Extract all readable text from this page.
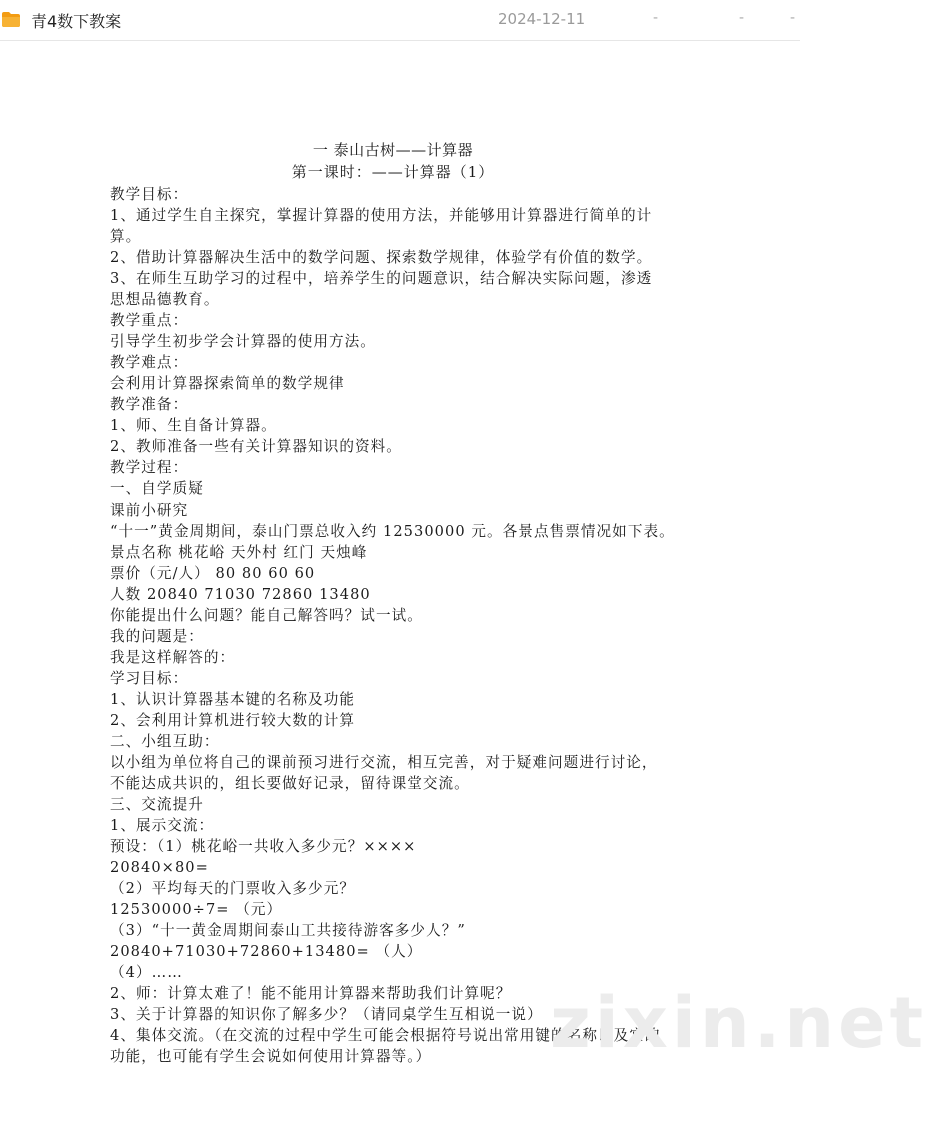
青4数下教案	2024-12-11	-	-	-
一 泰山古树——计算器
第一课时：——计算器（1）
教学目标：
1、通过学生自主探究，掌握计算器的使用方法，并能够用计算器进行简单的计
算。
2、借助计算器解决生活中的数学问题、探索数学规律，体验学有价值的数学。
3、在师生互助学习的过程中，培养学生的问题意识，结合解决实际问题，渗透
思想品德教育。
教学重点：
引导学生初步学会计算器的使用方法。
教学难点：
会利用计算器探索简单的数学规律
教学准备：
1、师、生自备计算器。
2、教师准备一些有关计算器知识的资料。
教学过程：
一、自学质疑
课前小研究
“十一”黄金周期间，泰山门票总收入约 12530000 元。各景点售票情况如下表。
景点名称 桃花峪 天外村 红门 天烛峰
票价（元/人） 80 80 60 60
人数 20840 71030 72860 13480
你能提出什么问题？能自己解答吗？试一试。
我的问题是：
我是这样解答的：
学习目标：
1、认识计算器基本键的名称及功能
2、会利用计算机进行较大数的计算
二、小组互助：
以小组为单位将自己的课前预习进行交流，相互完善，对于疑难问题进行讨论，
不能达成共识的，组长要做好记录，留待课堂交流。
三、交流提升
1、展示交流：
预设：（1）桃花峪一共收入多少元？××××
20840×80=
（2）平均每天的门票收入多少元？
12530000÷7= （元）
（3）“十一黄金周期间泰山工共接待游客多少人？”
20840+71030+72860+13480= （人）
（4）……
2、师：计算太难了！能不能用计算器来帮助我们计算呢？
3、关于计算器的知识你了解多少？（请同桌学生互相说一说）
4、集体交流。（在交流的过程中学生可能会根据符号说出常用键的名称以及它的
功能，也可能有学生会说如何使用计算器等。） zixin.net
